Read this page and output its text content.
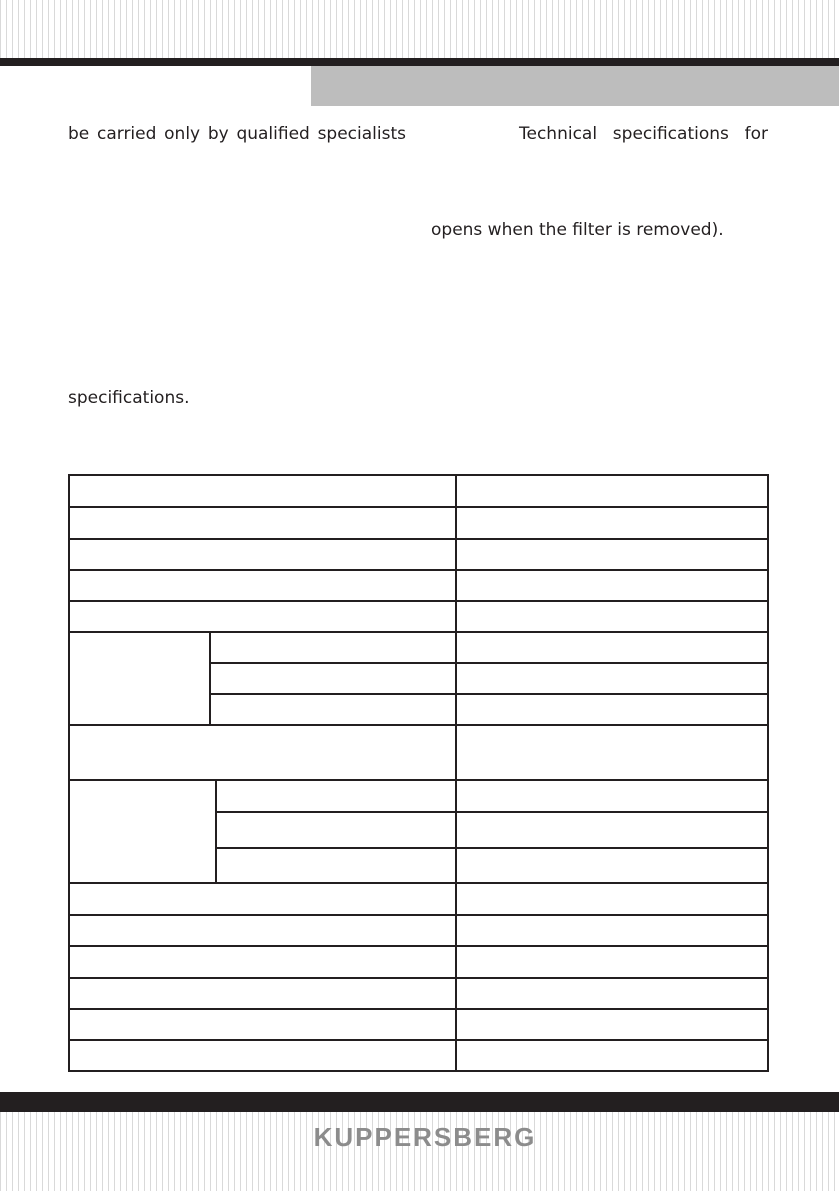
be carried only by qualified specialists	Technical specifications for
opens when the filter is removed).
specifications.
KUPPERSBERG
